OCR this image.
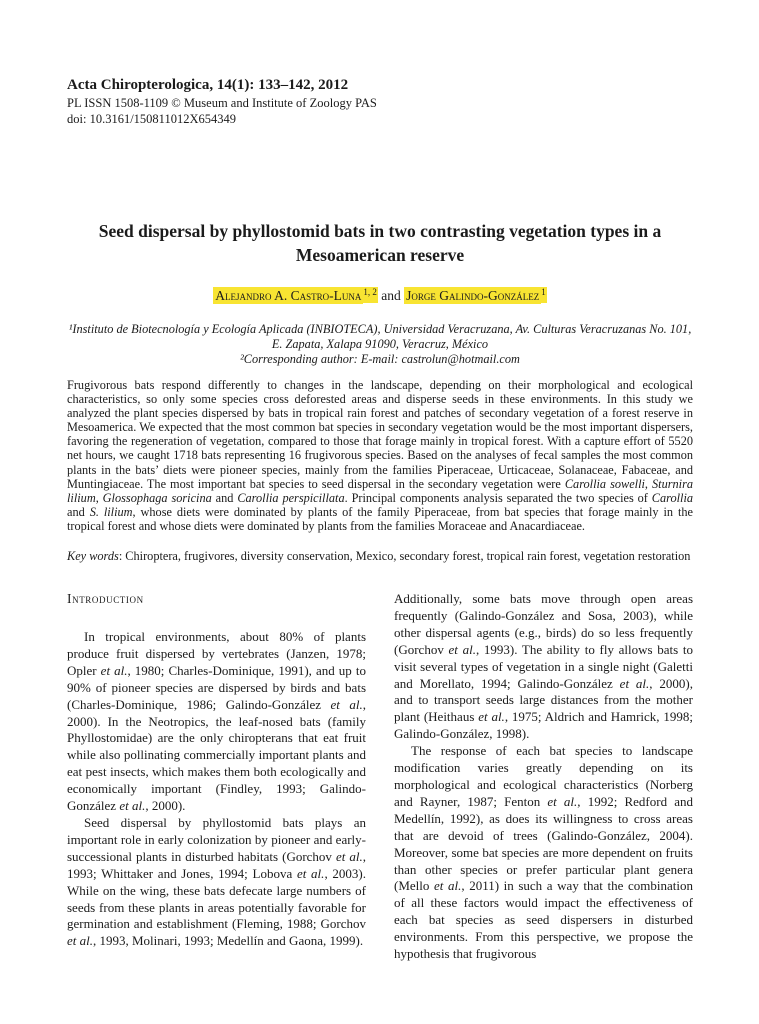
Acta Chiropterologica, 14(1): 133–142, 2012
PL ISSN 1508-1109 © Museum and Institute of Zoology PAS
doi: 10.3161/150811012X654349
Seed dispersal by phyllostomid bats in two contrasting vegetation types in a Mesoamerican reserve
Alejandro A. Castro-Luna $^{1, 2}$ and Jorge Galindo-González $^1$
¹Instituto de Biotecnología y Ecología Aplicada (INBIOTECA), Universidad Veracruzana, Av. Culturas Veracruzanas No. 101,
E. Zapata, Xalapa 91090, Veracruz, México
²Corresponding author: E-mail: castrolun@hotmail.com

Frugivorous bats respond differently to changes in the landscape, depending on their morphological and ecological characteristics, so only some species cross deforested areas and disperse seeds in these environments. In this study we analyzed the plant species dispersed by bats in tropical rain forest and patches of secondary vegetation of a forest reserve in Mesoamerica. We expected that the most common bat species in secondary vegetation would be the most important dispersers, favoring the regeneration of vegetation, compared to those that forage mainly in tropical forest. With a capture effort of 5520 net hours, we caught 1718 bats representing 16 frugivorous species. Based on the analyses of fecal samples the most common plants in the bats’ diets were pioneer species, mainly from the families Piperaceae, Urticaceae, Solanaceae, Fabaceae, and Muntingiaceae. The most important bat species to seed dispersal in the secondary vegetation were Carollia sowelli, Sturnira lilium, Glossophaga soricina and Carollia perspicillata. Principal components analysis separated the two species of Carollia and S. lilium, whose diets were dominated by plants of the family Piperaceae, from bat species that forage mainly in the tropical forest and whose diets were dominated by plants from the families Moraceae and Anacardiaceae.

Key words: Chiroptera, frugivores, diversity conservation, Mexico, secondary forest, tropical rain forest, vegetation restoration

Introduction

In tropical environments, about 80% of plants produce fruit dispersed by vertebrates (Janzen, 1978; Opler et al., 1980; Charles-Dominique, 1991), and up to 90% of pioneer species are dispersed by birds and bats (Charles-Dominique, 1986; Galindo-González et al., 2000). In the Neotropics, the leaf-nosed bats (family Phyllostomidae) are the only chiropterans that eat fruit while also pollinating commercially important plants and eat pest insects, which makes them both ecologically and economically important (Findley, 1993; Galindo-González et al., 2000).

Seed dispersal by phyllostomid bats plays an important role in early colonization by pioneer and early-successional plants in disturbed habitats (Gorchov et al., 1993; Whittaker and Jones, 1994; Lobova et al., 2003). While on the wing, these bats defecate large numbers of seeds from these plants in areas potentially favorable for germination and establishment (Fleming, 1988; Gorchov et al., 1993, Molinari, 1993; Medellín and Gaona, 1999).

Additionally, some bats move through open areas frequently (Galindo-González and Sosa, 2003), while other dispersal agents (e.g., birds) do so less frequently (Gorchov et al., 1993). The ability to fly allows bats to visit several types of vegetation in a single night (Galetti and Morellato, 1994; Galindo-González et al., 2000), and to transport seeds large distances from the mother plant (Heithaus et al., 1975; Aldrich and Hamrick, 1998; Galindo-González, 1998).

The response of each bat species to landscape modification varies greatly depending on its morphological and ecological characteristics (Norberg and Rayner, 1987; Fenton et al., 1992; Redford and Medellín, 1992), as does its willingness to cross areas that are devoid of trees (Galindo-González, 2004). Moreover, some bat species are more dependent on fruits than other species or prefer particular plant genera (Mello et al., 2011) in such a way that the combination of all these factors would impact the effectiveness of each bat species as seed dispersers in disturbed environments. From this perspective, we propose the hypothesis that frugivorous
